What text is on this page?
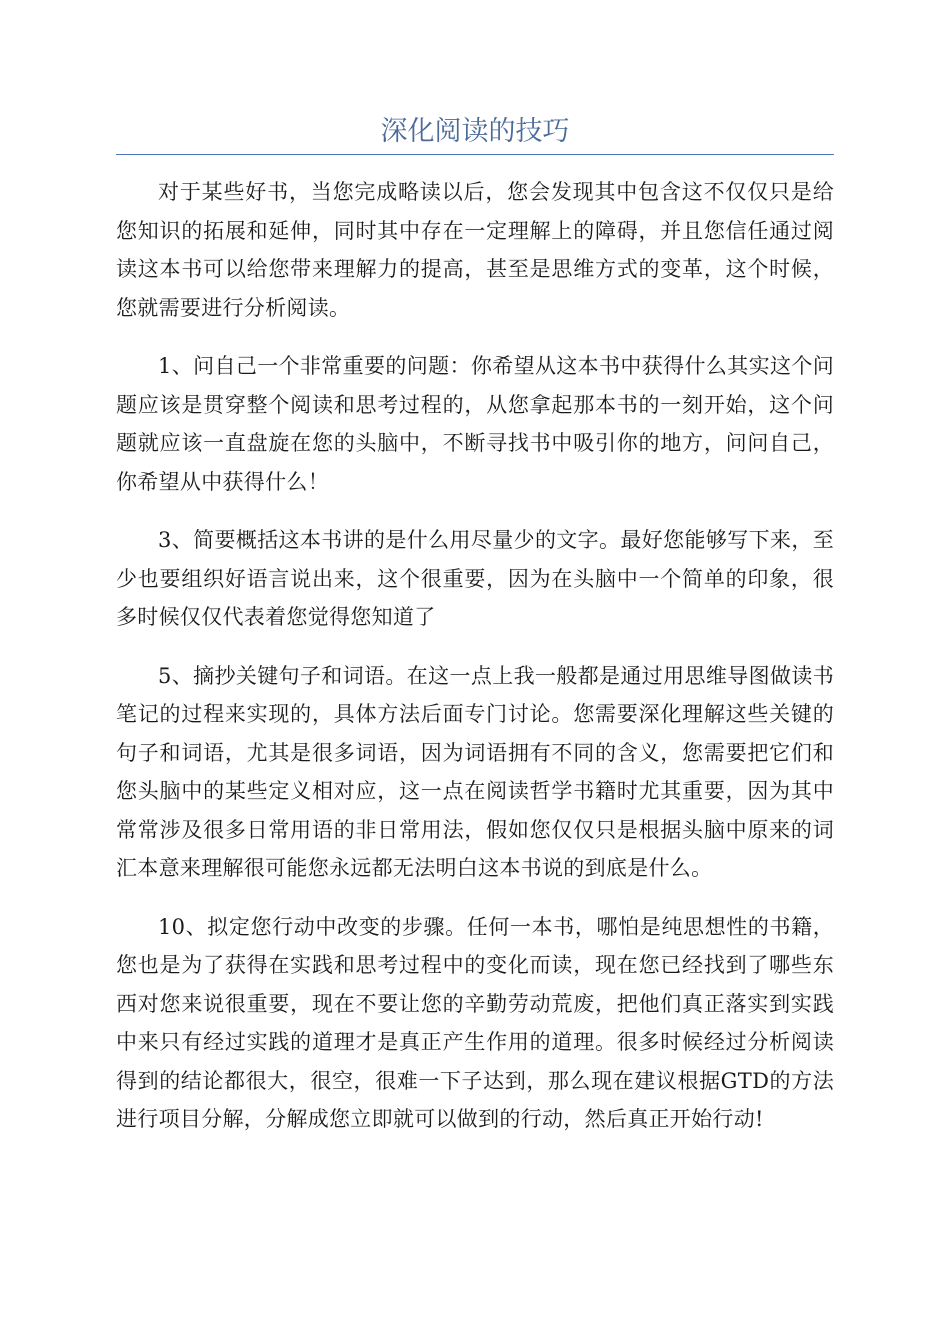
深化阅读的技巧

对于某些好书，当您完成略读以后，您会发现其中包含这不仅仅只是给您知识的拓展和延伸，同时其中存在一定理解上的障碍，并且您信任通过阅读这本书可以给您带来理解力的提高，甚至是思维方式的变革，这个时候，您就需要进行分析阅读。

1、问自己一个非常重要的问题：你希望从这本书中获得什么其实这个问题应该是贯穿整个阅读和思考过程的，从您拿起那本书的一刻开始，这个问题就应该一直盘旋在您的头脑中，不断寻找书中吸引你的地方，问问自己，你希望从中获得什么！

3、简要概括这本书讲的是什么用尽量少的文字。最好您能够写下来，至少也要组织好语言说出来，这个很重要，因为在头脑中一个简单的印象，很多时候仅仅代表着您觉得您知道了

5、摘抄关键句子和词语。在这一点上我一般都是通过用思维导图做读书笔记的过程来实现的，具体方法后面专门讨论。您需要深化理解这些关键的句子和词语，尤其是很多词语，因为词语拥有不同的含义，您需要把它们和您头脑中的某些定义相对应，这一点在阅读哲学书籍时尤其重要，因为其中常常涉及很多日常用语的非日常用法，假如您仅仅只是根据头脑中原来的词汇本意来理解很可能您永远都无法明白这本书说的到底是什么。

10、拟定您行动中改变的步骤。任何一本书，哪怕是纯思想性的书籍，您也是为了获得在实践和思考过程中的变化而读，现在您已经找到了哪些东西对您来说很重要，现在不要让您的辛勤劳动荒废，把他们真正落实到实践中来只有经过实践的道理才是真正产生作用的道理。很多时候经过分析阅读得到的结论都很大，很空，很难一下子达到，那么现在建议根据GTD的方法进行项目分解，分解成您立即就可以做到的行动，然后真正开始行动!
